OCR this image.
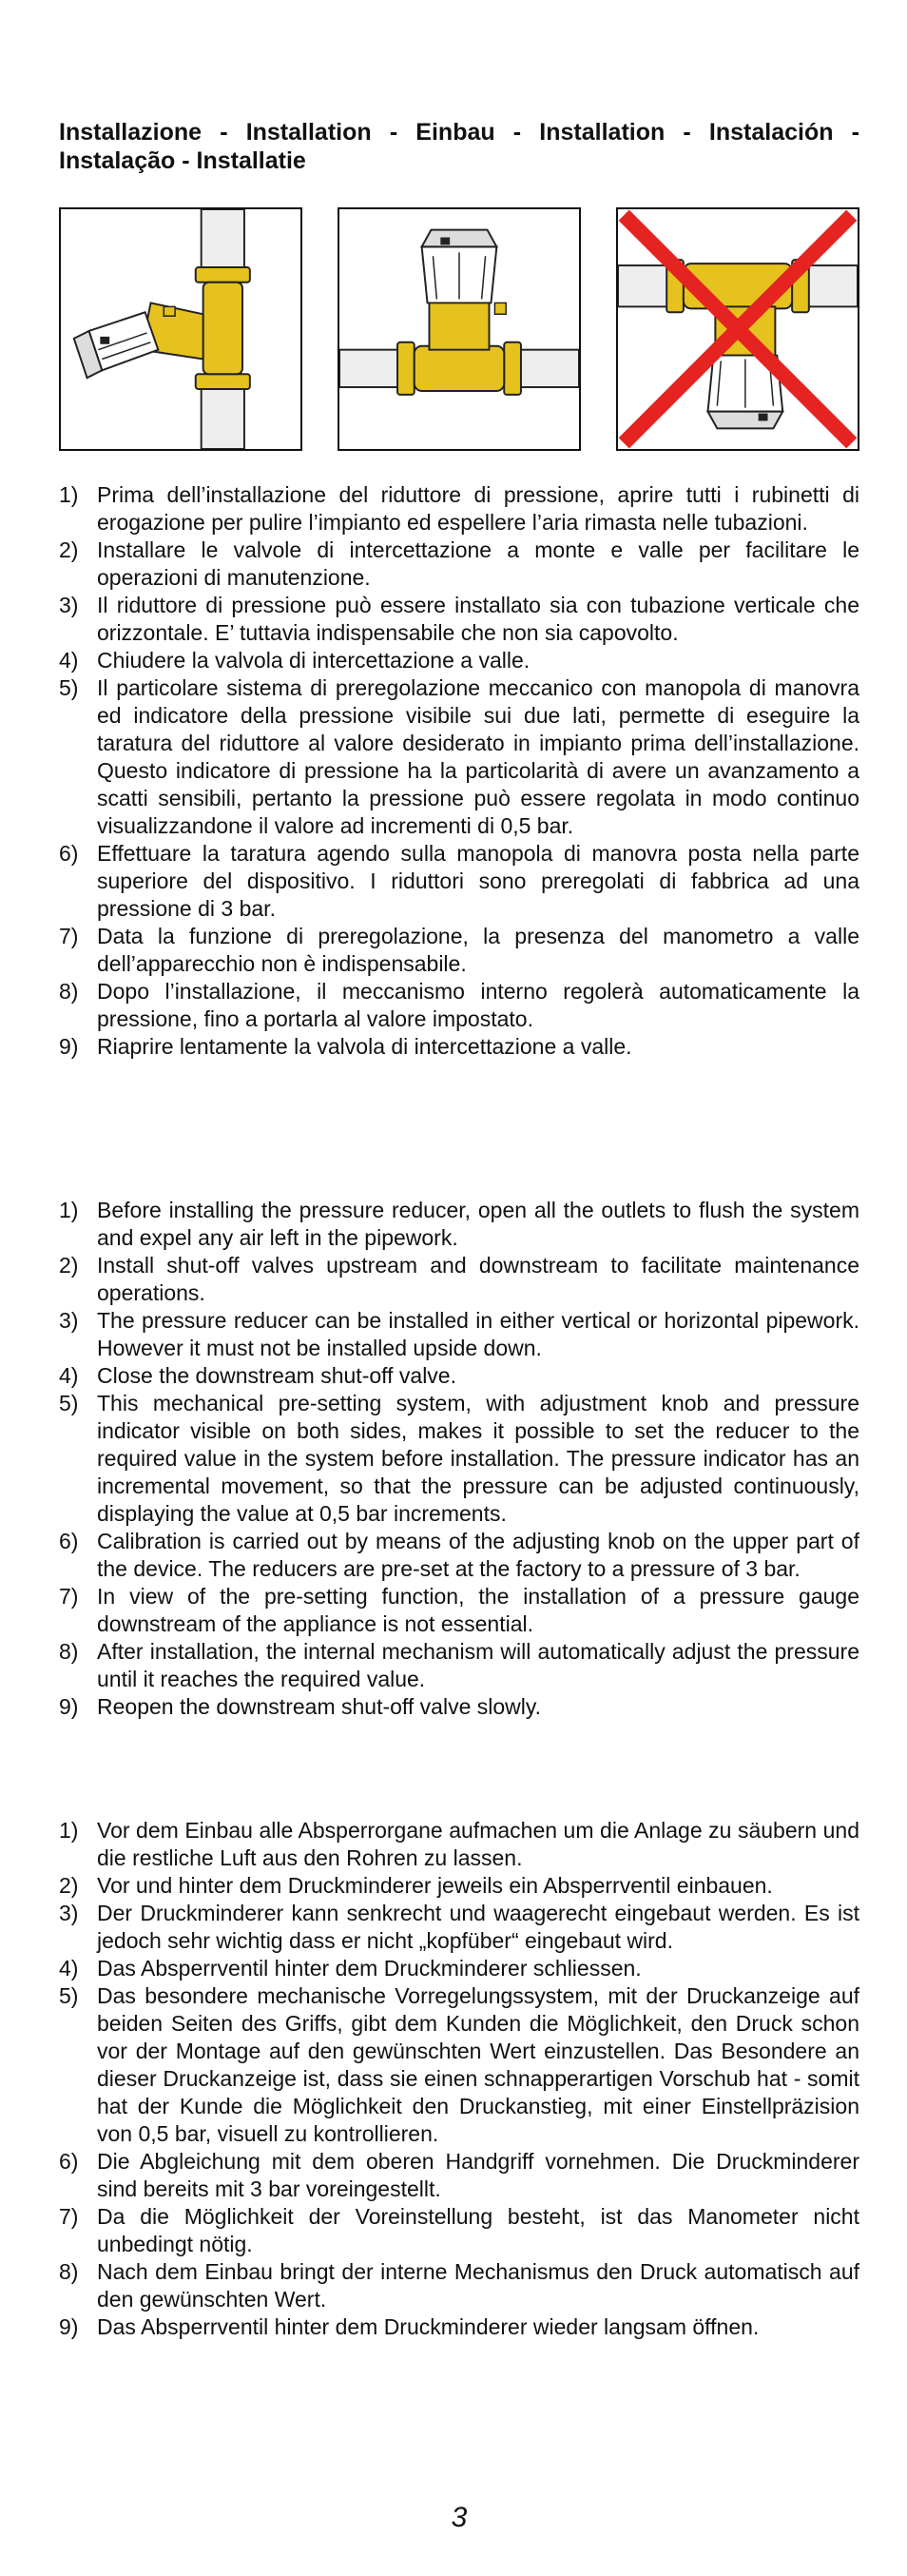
Installazione - Installation - Einbau - Installation - Instalación - Instalação - Installatie
1) Prima dell’installazione del riduttore di pressione, aprire tutti i rubinetti di erogazione per pulire l’impianto ed espellere l’aria rimasta nelle tubazioni.
2) Installare le valvole di intercettazione a monte e valle per facilitare le operazioni di manutenzione.
3) Il riduttore di pressione può essere installato sia con tubazione verticale che orizzontale. E’ tuttavia indispensabile che non sia capovolto.
4) Chiudere la valvola di intercettazione a valle.
5) Il particolare sistema di preregolazione meccanico con manopola di manovra ed indicatore della pressione visibile sui due lati, permette di eseguire la taratura del riduttore al valore desiderato in impianto prima dell’installazione. Questo indicatore di pressione ha la particolarità di avere un avanzamento a scatti sensibili, pertanto la pressione può essere regolata in modo continuo visualizzandone il valore ad incrementi di 0,5 bar.
6) Effettuare la taratura agendo sulla manopola di manovra posta nella parte superiore del dispositivo. I riduttori sono preregolati di fabbrica ad una pressione di 3 bar.
7) Data la funzione di preregolazione, la presenza del manometro a valle dell’apparecchio non è indispensabile.
8) Dopo l’installazione, il meccanismo interno regolerà automaticamente la pressione, fino a portarla al valore impostato.
9) Riaprire lentamente la valvola di intercettazione a valle.
1) Before installing the pressure reducer, open all the outlets to flush the system and expel any air left in the pipework.
2) Install shut-off valves upstream and downstream to facilitate maintenance operations.
3) The pressure reducer can be installed in either vertical or horizontal pipework. However it must not be installed upside down.
4) Close the downstream shut-off valve.
5) This mechanical pre-setting system, with adjustment knob and pressure indicator visible on both sides, makes it possible to set the reducer to the required value in the system before installation. The pressure indicator has an incremental movement, so that the pressure can be adjusted continuously, displaying the value at 0,5 bar increments.
6) Calibration is carried out by means of the adjusting knob on the upper part of the device. The reducers are pre-set at the factory to a pressure of 3 bar.
7) In view of the pre-setting function, the installation of a pressure gauge downstream of the appliance is not essential.
8) After installation, the internal mechanism will automatically adjust the pressure until it reaches the required value.
9) Reopen the downstream shut-off valve slowly.
1) Vor dem Einbau alle Absperrorgane aufmachen um die Anlage zu säubern und die restliche Luft aus den Rohren zu lassen.
2) Vor und hinter dem Druckminderer jeweils ein Absperrventil einbauen.
3) Der Druckminderer kann senkrecht und waagerecht eingebaut werden. Es ist jedoch sehr wichtig dass er nicht „kopfüber“ eingebaut wird.
4) Das Absperrventil hinter dem Druckminderer schliessen.
5) Das besondere mechanische Vorregelungssystem, mit der Druckanzeige auf beiden Seiten des Griffs, gibt dem Kunden die Möglichkeit, den Druck schon vor der Montage auf den gewünschten Wert einzustellen. Das Besondere an dieser Druckanzeige ist, dass sie einen schnapperartigen Vorschub hat - somit hat der Kunde die Möglichkeit den Druckanstieg, mit einer Einstellpräzision von 0,5 bar, visuell zu kontrollieren.
6) Die Abgleichung mit dem oberen Handgriff vornehmen. Die Druckminderer sind bereits mit 3 bar voreingestellt.
7) Da die Möglichkeit der Voreinstellung besteht, ist das Manometer nicht unbedingt nötig.
8) Nach dem Einbau bringt der interne Mechanismus den Druck automatisch auf den gewünschten Wert.
9) Das Absperrventil hinter dem Druckminderer wieder langsam öffnen.
3
